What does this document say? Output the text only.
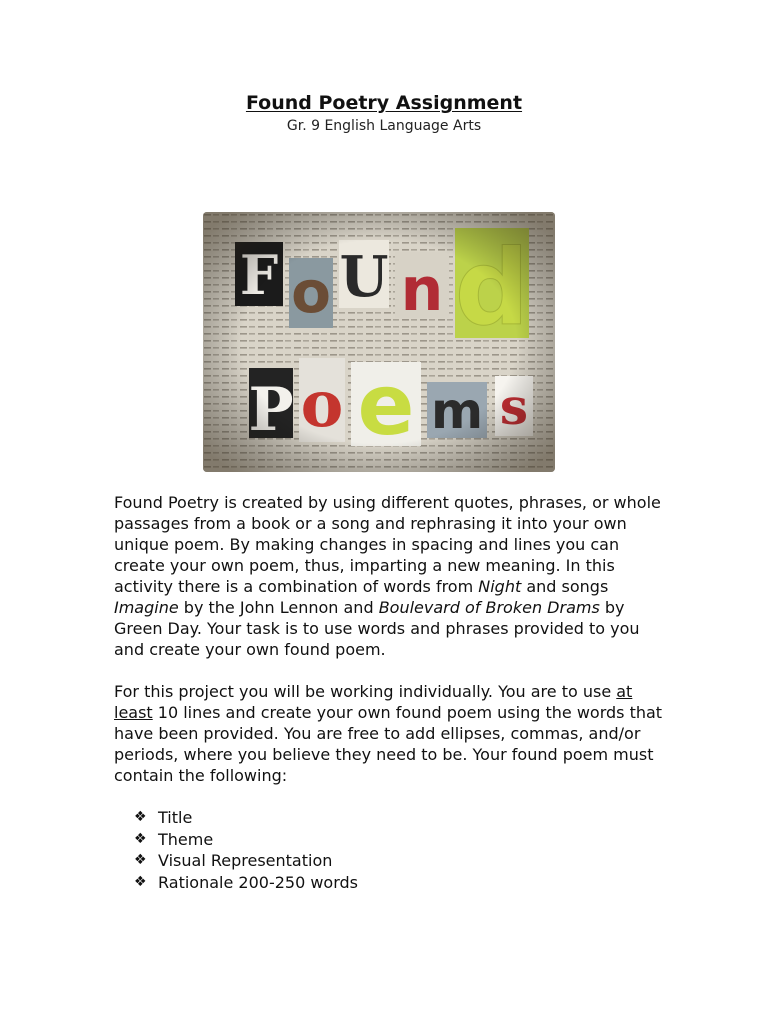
Found Poetry Assignment
Gr. 9 English Language Arts

Found Poetry is created by using different quotes, phrases, or whole passages from a book or a song and rephrasing it into your own unique poem. By making changes in spacing and lines you can create your own poem, thus, imparting a new meaning. In this activity there is a combination of words from Night and songs Imagine by the John Lennon and Boulevard of Broken Drams by Green Day. Your task is to use words and phrases provided to you and create your own found poem.

For this project you will be working individually. You are to use at least 10 lines and create your own found poem using the words that have been provided. You are free to add ellipses, commas, and/or periods, where you believe they need to be. Your found poem must contain the following:

❖ Title
❖ Theme
❖ Visual Representation
❖ Rationale 200-250 words
